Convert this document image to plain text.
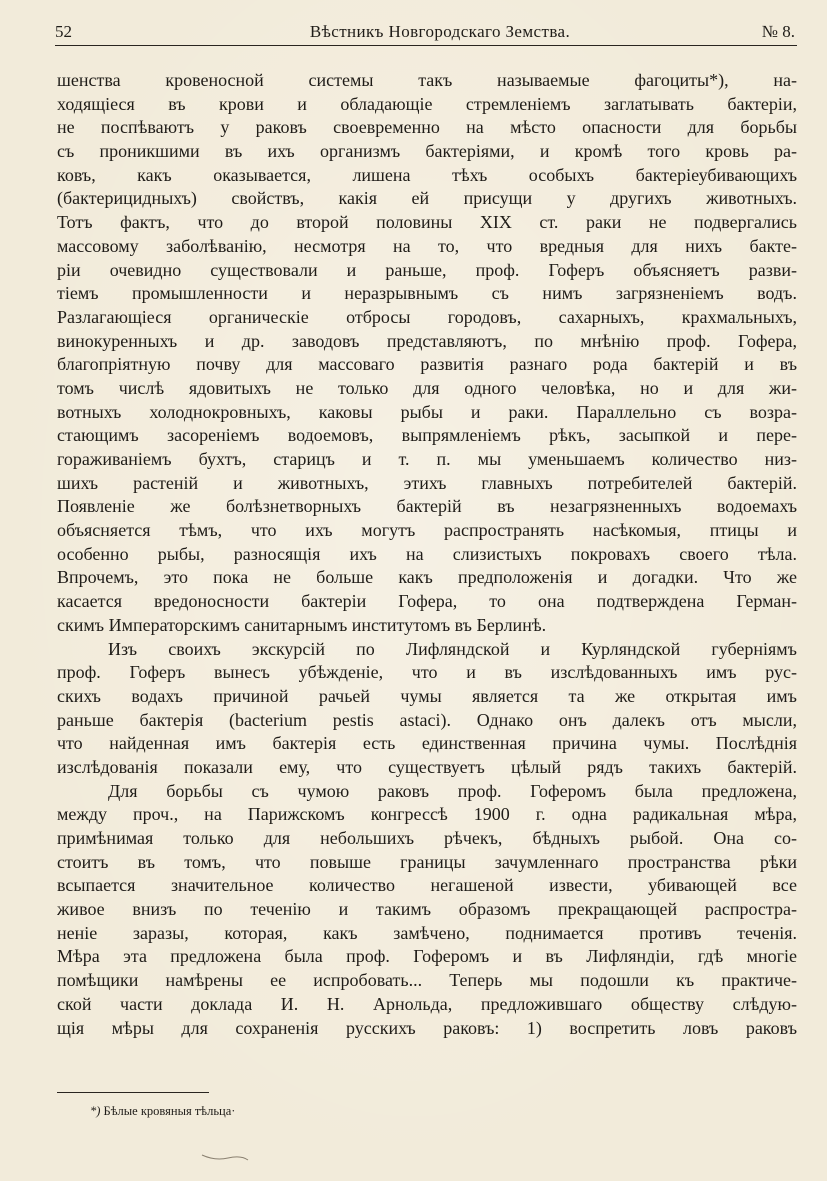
52	Вѣстникъ Новгородскаго Земства.	№ 8.
шенства кровеносной системы такъ называемые фагоциты*), на-
ходящіеся въ крови и обладающіе стремленіемъ заглатывать бактеріи,
не поспѣваютъ у раковъ своевременно на мѣсто опасности для борьбы
съ проникшими въ ихъ организмъ бактеріями, и кромѣ того кровь ра-
ковъ, какъ оказывается, лишена тѣхъ особыхъ бактеріеубивающихъ
(бактерицидныхъ) свойствъ, какія ей присущи у другихъ животныхъ.
Тотъ фактъ, что до второй половины XIX ст. раки не подвергались
массовому заболѣванію, несмотря на то, что вредныя для нихъ бакте-
ріи очевидно существовали и раньше, проф. Гоферъ объясняетъ разви-
тіемъ промышленности и неразрывнымъ съ нимъ загрязненіемъ водъ.
Разлагающіеся органическіе отбросы городовъ, сахарныхъ, крахмальныхъ,
винокуренныхъ и др. заводовъ представляютъ, по мнѣнію проф. Гофера,
благопріятную почву для массоваго развитія разнаго рода бактерій и въ
томъ числѣ ядовитыхъ не только для одного человѣка, но и для жи-
вотныхъ холоднокровныхъ, каковы рыбы и раки. Параллельно съ возра-
стающимъ засореніемъ водоемовъ, выпрямленіемъ рѣкъ, засыпкой и пере-
гораживаніемъ бухтъ, старицъ и т. п. мы уменьшаемъ количество низ-
шихъ растеній и животныхъ, этихъ главныхъ потребителей бактерій.
Появленіе же болѣзнетворныхъ бактерій въ незагрязненныхъ водоемахъ
объясняется тѣмъ, что ихъ могутъ распространять насѣкомыя, птицы и
особенно рыбы, разносящія ихъ на слизистыхъ покровахъ своего тѣла.
Впрочемъ, это пока не больше какъ предположенія и догадки. Что же
касается вредоносности бактеріи Гофера, то она подтверждена Герман-
скимъ Императорскимъ санитарнымъ институтомъ въ Берлинѣ.
Изъ своихъ экскурсій по Лифляндской и Курляндской губерніямъ
проф. Гоферъ вынесъ убѣжденіе, что и въ изслѣдованныхъ имъ рус-
скихъ водахъ причиной рачьей чумы является та же открытая имъ
раньше бактерія (bacterium pestis astaci). Однако онъ далекъ отъ мысли,
что найденная имъ бактерія есть единственная причина чумы. Послѣднія
изслѣдованія показали ему, что существуетъ цѣлый рядъ такихъ бактерій.
Для борьбы съ чумою раковъ проф. Гоферомъ была предложена,
между проч., на Парижскомъ конгрессѣ 1900 г. одна радикальная мѣра,
примѣнимая только для небольшихъ рѣчекъ, бѣдныхъ рыбой. Она со-
стоитъ въ томъ, что повыше границы зачумленнаго пространства рѣки
всыпается значительное количество негашеной извести, убивающей все
живое внизъ по теченію и такимъ образомъ прекращающей распростра-
неніе заразы, которая, какъ замѣчено, поднимается противъ теченія.
Мѣра эта предложена была проф. Гоферомъ и въ Лифляндіи, гдѣ многіе
помѣщики намѣрены ее испробовать... Теперь мы подошли къ практиче-
ской части доклада И. Н. Арнольда, предложившаго обществу слѣдую-
щія мѣры для сохраненія русскихъ раковъ: 1) воспретить ловъ раковъ
*) Бѣлые кровяныя тѣльца·
